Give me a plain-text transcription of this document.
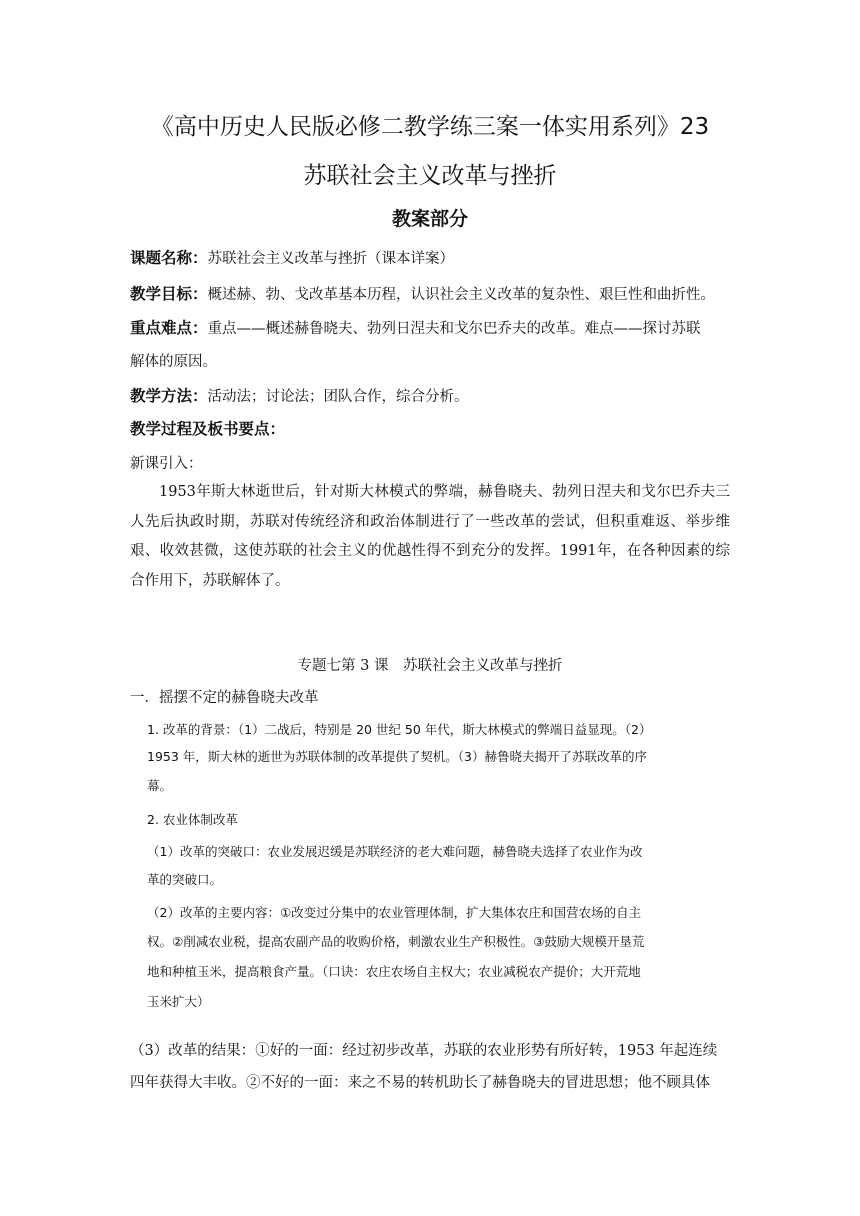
《高中历史人民版必修二教学练三案一体实用系列》23
苏联社会主义改革与挫折
教案部分
课题名称：苏联社会主义改革与挫折（课本详案）
教学目标：概述赫、勃、戈改革基本历程，认识社会主义改革的复杂性、艰巨性和曲折性。
重点难点：重点——概述赫鲁晓夫、勃列日涅夫和戈尔巴乔夫的改革。难点——探讨苏联
解体的原因。
教学方法：活动法；讨论法；团队合作，综合分析。
教学过程及板书要点：
新课引入：
1953年斯大林逝世后，针对斯大林模式的弊端，赫鲁晓夫、勃列日涅夫和戈尔巴乔夫三人先后执政时期，苏联对传统经济和政治体制进行了一些改革的尝试，但积重难返、举步维艰、收效甚微，这使苏联的社会主义的优越性得不到充分的发挥。1991年，在各种因素的综合作用下，苏联解体了。
专题七第 3 课　苏联社会主义改革与挫折
一．摇摆不定的赫鲁晓夫改革
1. 改革的背景：（1）二战后，特别是 20 世纪 50 年代，斯大林模式的弊端日益显现。（2）
1953 年，斯大林的逝世为苏联体制的改革提供了契机。（3）赫鲁晓夫揭开了苏联改革的序
幕。
2. 农业体制改革
（1）改革的突破口：农业发展迟缓是苏联经济的老大难问题，赫鲁晓夫选择了农业作为改
革的突破口。
（2）改革的主要内容：①改变过分集中的农业管理体制，扩大集体农庄和国营农场的自主
权。②削减农业税，提高农副产品的收购价格，刺激农业生产积极性。③鼓励大规模开垦荒
地和种植玉米，提高粮食产量。（口诀：农庄农场自主权大；农业减税农产提价；大开荒地
玉米扩大）
（3）改革的结果：①好的一面：经过初步改革，苏联的农业形势有所好转，1953 年起连续
四年获得大丰收。②不好的一面：来之不易的转机助长了赫鲁晓夫的冒进思想；他不顾具体
